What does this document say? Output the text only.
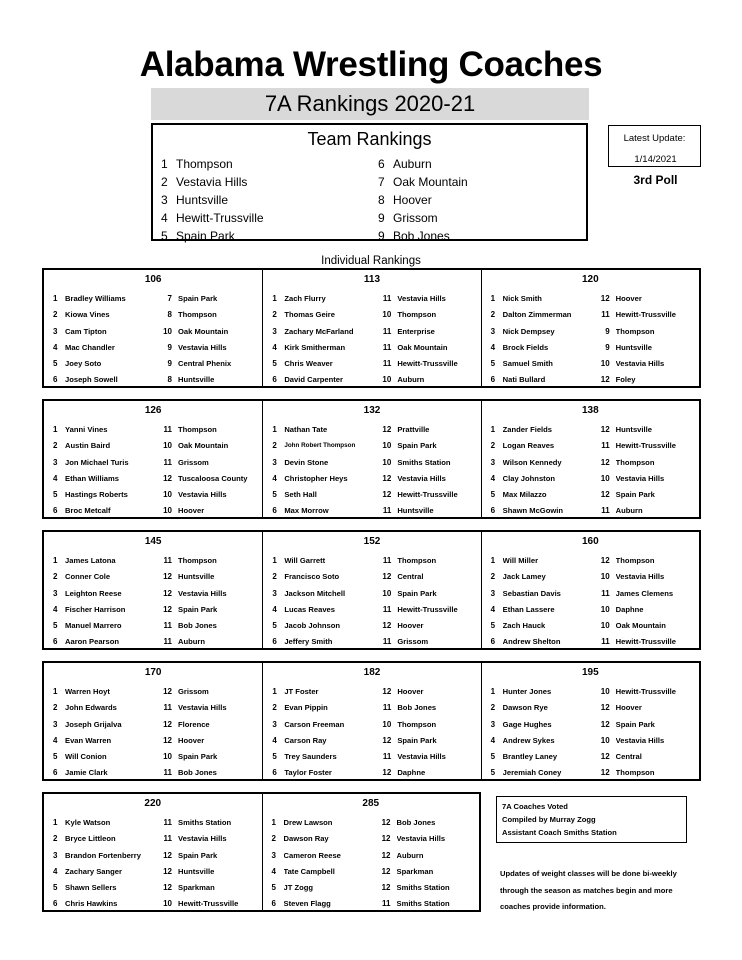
Alabama Wrestling Coaches
7A Rankings 2020-21
Team Rankings
1 Thompson
2 Vestavia Hills
3 Huntsville
4 Hewitt-Trussville
5 Spain Park
6 Auburn
7 Oak Mountain
8 Hoover
9 Grissom
9 Bob Jones
Latest Update:
1/14/2021
3rd Poll
Individual Rankings
106
1 Bradley Williams	7 Spain Park
2 Kiowa Vines	8 Thompson
3 Cam Tipton	10 Oak Mountain
4 Mac Chandler	9 Vestavia Hills
5 Joey Soto	9 Central Phenix
6 Joseph Sowell	8 Huntsville
113
1 Zach Flurry	11 Vestavia Hills
2 Thomas Geire	10 Thompson
3 Zachary McFarland	11 Enterprise
4 Kirk Smitherman	11 Oak Mountain
5 Chris Weaver	11 Hewitt-Trussville
6 David Carpenter	10 Auburn
120
1 Nick Smith	12 Hoover
2 Dalton Zimmerman	11 Hewitt-Trussville
3 Nick Dempsey	9 Thompson
4 Brock Fields	9 Huntsville
5 Samuel Smith	10 Vestavia Hills
6 Nati Bullard	12 Foley
126
1 Yanni Vines	11 Thompson
2 Austin Baird	10 Oak Mountain
3 Jon Michael Turis	11 Grissom
4 Ethan Williams	12 Tuscaloosa County
5 Hastings Roberts	10 Vestavia Hills
6 Broc Metcalf	10 Hoover
132
1 Nathan Tate	12 Prattville
2 John Robert Thompson	10 Spain Park
3 Devin Stone	10 Smiths Station
4 Christopher Heys	12 Vestavia Hills
5 Seth Hall	12 Hewitt-Trussville
6 Max Morrow	11 Huntsville
138
1 Zander Fields	12 Huntsville
2 Logan Reaves	11 Hewitt-Trussville
3 Wilson Kennedy	12 Thompson
4 Clay Johnston	10 Vestavia Hills
5 Max Milazzo	12 Spain Park
6 Shawn McGowin	11 Auburn
145
1 James Latona	11 Thompson
2 Conner Cole	12 Huntsville
3 Leighton Reese	12 Vestavia Hills
4 Fischer Harrison	12 Spain Park
5 Manuel Marrero	11 Bob Jones
6 Aaron Pearson	11 Auburn
152
1 Will Garrett	11 Thompson
2 Francisco Soto	12 Central
3 Jackson Mitchell	10 Spain Park
4 Lucas Reaves	11 Hewitt-Trussville
5 Jacob Johnson	12 Hoover
6 Jeffery Smith	11 Grissom
160
1 Will Miller	12 Thompson
2 Jack Lamey	10 Vestavia Hills
3 Sebastian Davis	11 James Clemens
4 Ethan Lassere	10 Daphne
5 Zach Hauck	10 Oak Mountain
6 Andrew Shelton	11 Hewitt-Trussville
170
1 Warren Hoyt	12 Grissom
2 John Edwards	11 Vestavia Hills
3 Joseph Grijalva	12 Florence
4 Evan Warren	12 Hoover
5 Will Conion	10 Spain Park
6 Jamie Clark	11 Bob Jones
182
1 JT Foster	12 Hoover
2 Evan Pippin	11 Bob Jones
3 Carson Freeman	10 Thompson
4 Carson Ray	12 Spain Park
5 Trey Saunders	11 Vestavia Hills
6 Taylor Foster	12 Daphne
195
1 Hunter Jones	10 Hewitt-Trussville
2 Dawson Rye	12 Hoover
3 Gage Hughes	12 Spain Park
4 Andrew Sykes	10 Vestavia Hills
5 Brantley Laney	12 Central
5 Jeremiah Coney	12 Thompson
220
1 Kyle Watson	11 Smiths Station
2 Bryce Littleon	11 Vestavia Hills
3 Brandon Fortenberry	12 Spain Park
4 Zachary Sanger	12 Huntsville
5 Shawn Sellers	12 Sparkman
6 Chris Hawkins	10 Hewitt-Trussville
285
1 Drew Lawson	12 Bob Jones
2 Dawson Ray	12 Vestavia Hills
3 Cameron Reese	12 Auburn
4 Tate Campbell	12 Sparkman
5 JT Zogg	12 Smiths Station
6 Steven Flagg	11 Smiths Station
7A Coaches Voted
Compiled by Murray Zogg
Assistant Coach Smiths Station
Updates of weight classes will be done bi-weekly
through the season as matches begin and more
coaches provide information.
